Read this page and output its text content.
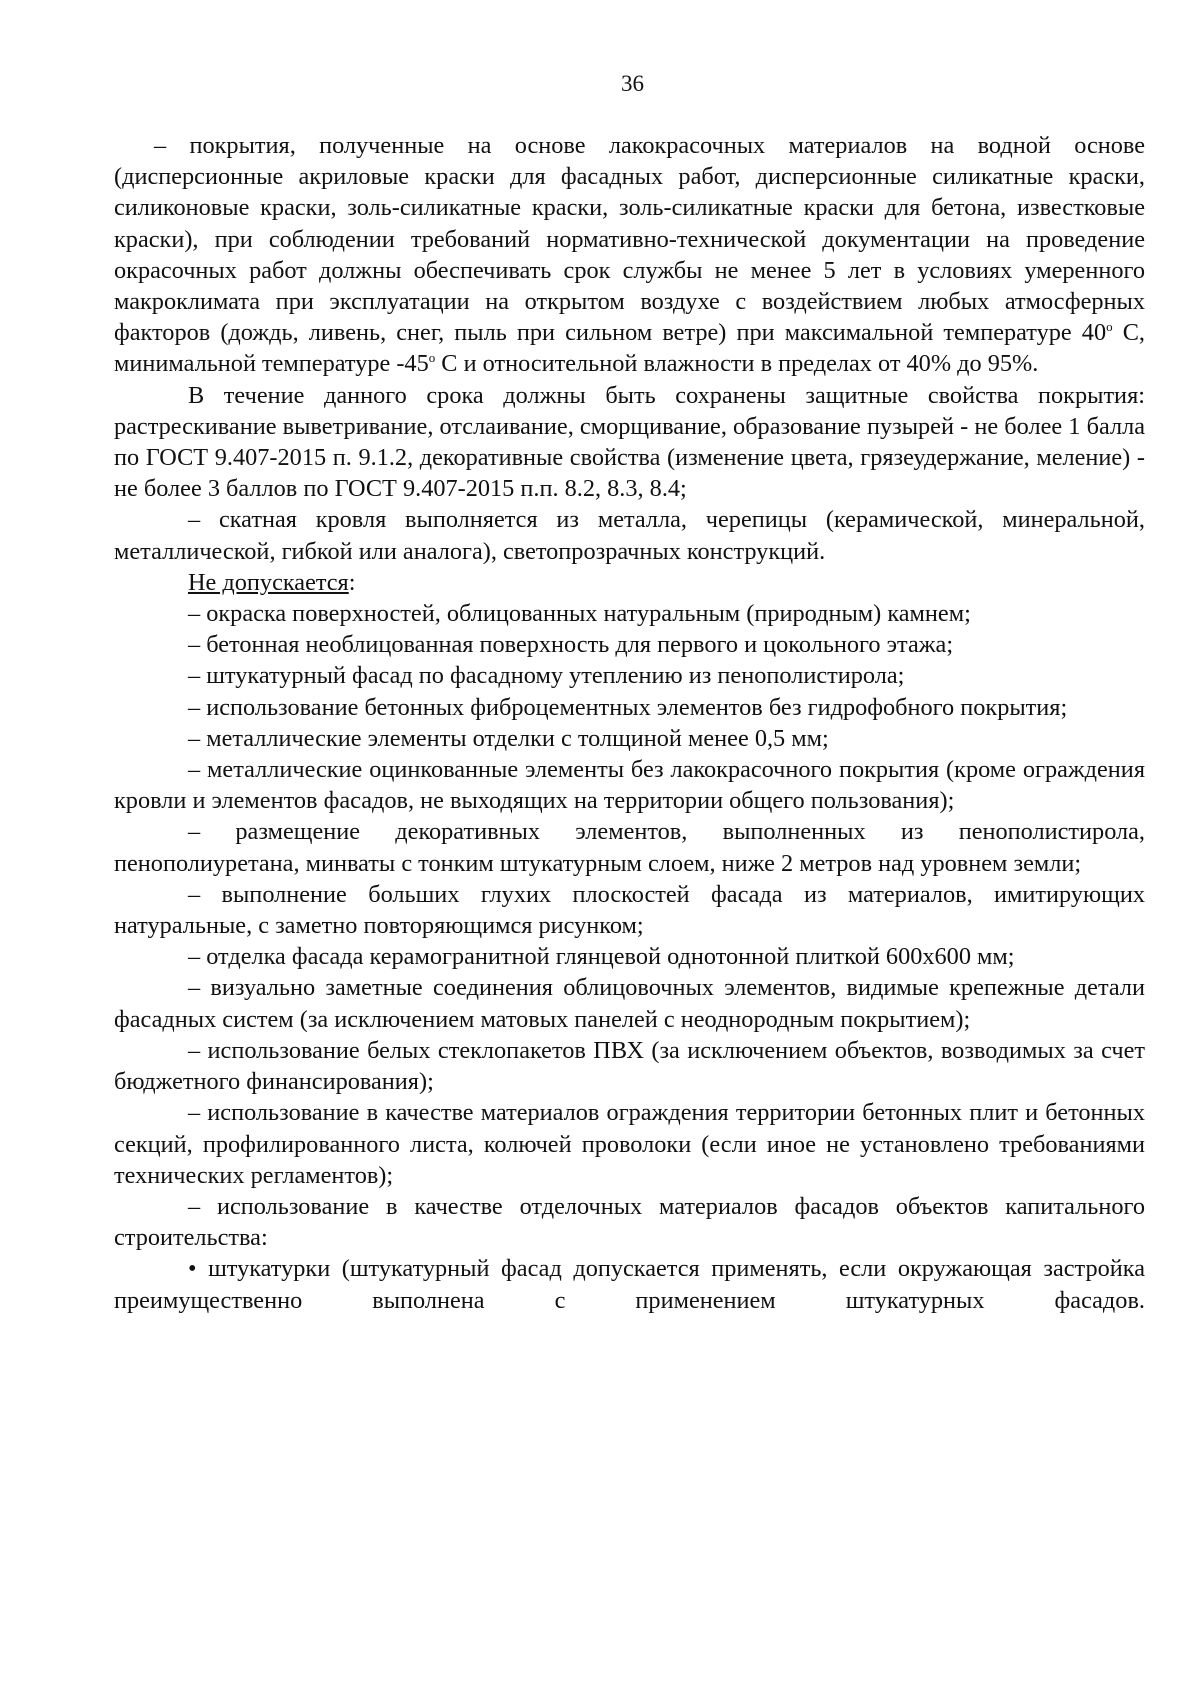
36

– покрытия, полученные на основе лакокрасочных материалов на водной основе (дисперсионные акриловые краски для фасадных работ, дисперсионные силикатные краски, силиконовые краски, золь-силикатные краски, золь-силикатные краски для бетона, известковые краски), при соблюдении требований нормативно-технической документации на проведение окрасочных работ должны обеспечивать срок службы не менее 5 лет в условиях умеренного макроклимата при эксплуатации на открытом воздухе с воздействием любых атмосферных факторов (дождь, ливень, снег, пыль при сильном ветре) при максимальной температуре 40$^o$ С, минимальной температуре -45$^o$ С и относительной влажности в пределах от 40% до 95%.

В течение данного срока должны быть сохранены защитные свойства покрытия: растрескивание выветривание, отслаивание, сморщивание, образование пузырей - не более 1 балла по ГОСТ 9.407-2015 п. 9.1.2, декоративные свойства (изменение цвета, грязеудержание, меление) - не более 3 баллов по ГОСТ 9.407-2015 п.п. 8.2, 8.3, 8.4;

– скатная кровля выполняется из металла, черепицы (керамической, минеральной, металлической, гибкой или аналога), светопрозрачных конструкций.

Не допускается:

– окраска поверхностей, облицованных натуральным (природным) камнем;

– бетонная необлицованная поверхность для первого и цокольного этажа;

– штукатурный фасад по фасадному утеплению из пенополистирола;

– использование бетонных фиброцементных элементов без гидрофобного покрытия;

– металлические элементы отделки с толщиной менее 0,5 мм;

– металлические оцинкованные элементы без лакокрасочного покрытия (кроме ограждения кровли и элементов фасадов, не выходящих на территории общего пользования);

– размещение декоративных элементов, выполненных из пенополистирола, пенополиуретана, минваты с тонким штукатурным слоем, ниже 2 метров над уровнем земли;

– выполнение больших глухих плоскостей фасада из материалов, имитирующих натуральные, с заметно повторяющимся рисунком;

– отделка фасада керамогранитной глянцевой однотонной плиткой 600х600 мм;

– визуально заметные соединения облицовочных элементов, видимые крепежные детали фасадных систем (за исключением матовых панелей с неоднородным покрытием);

– использование белых стеклопакетов ПВХ (за исключением объектов, возводимых за счет бюджетного финансирования);

– использование в качестве материалов ограждения территории бетонных плит и бетонных секций, профилированного листа, колючей проволоки (если иное не установлено требованиями технических регламентов);

– использование в качестве отделочных материалов фасадов объектов капитального строительства:

• штукатурки (штукатурный фасад допускается применять, если окружающая застройка преимущественно выполнена с применением штукатурных фасадов.
